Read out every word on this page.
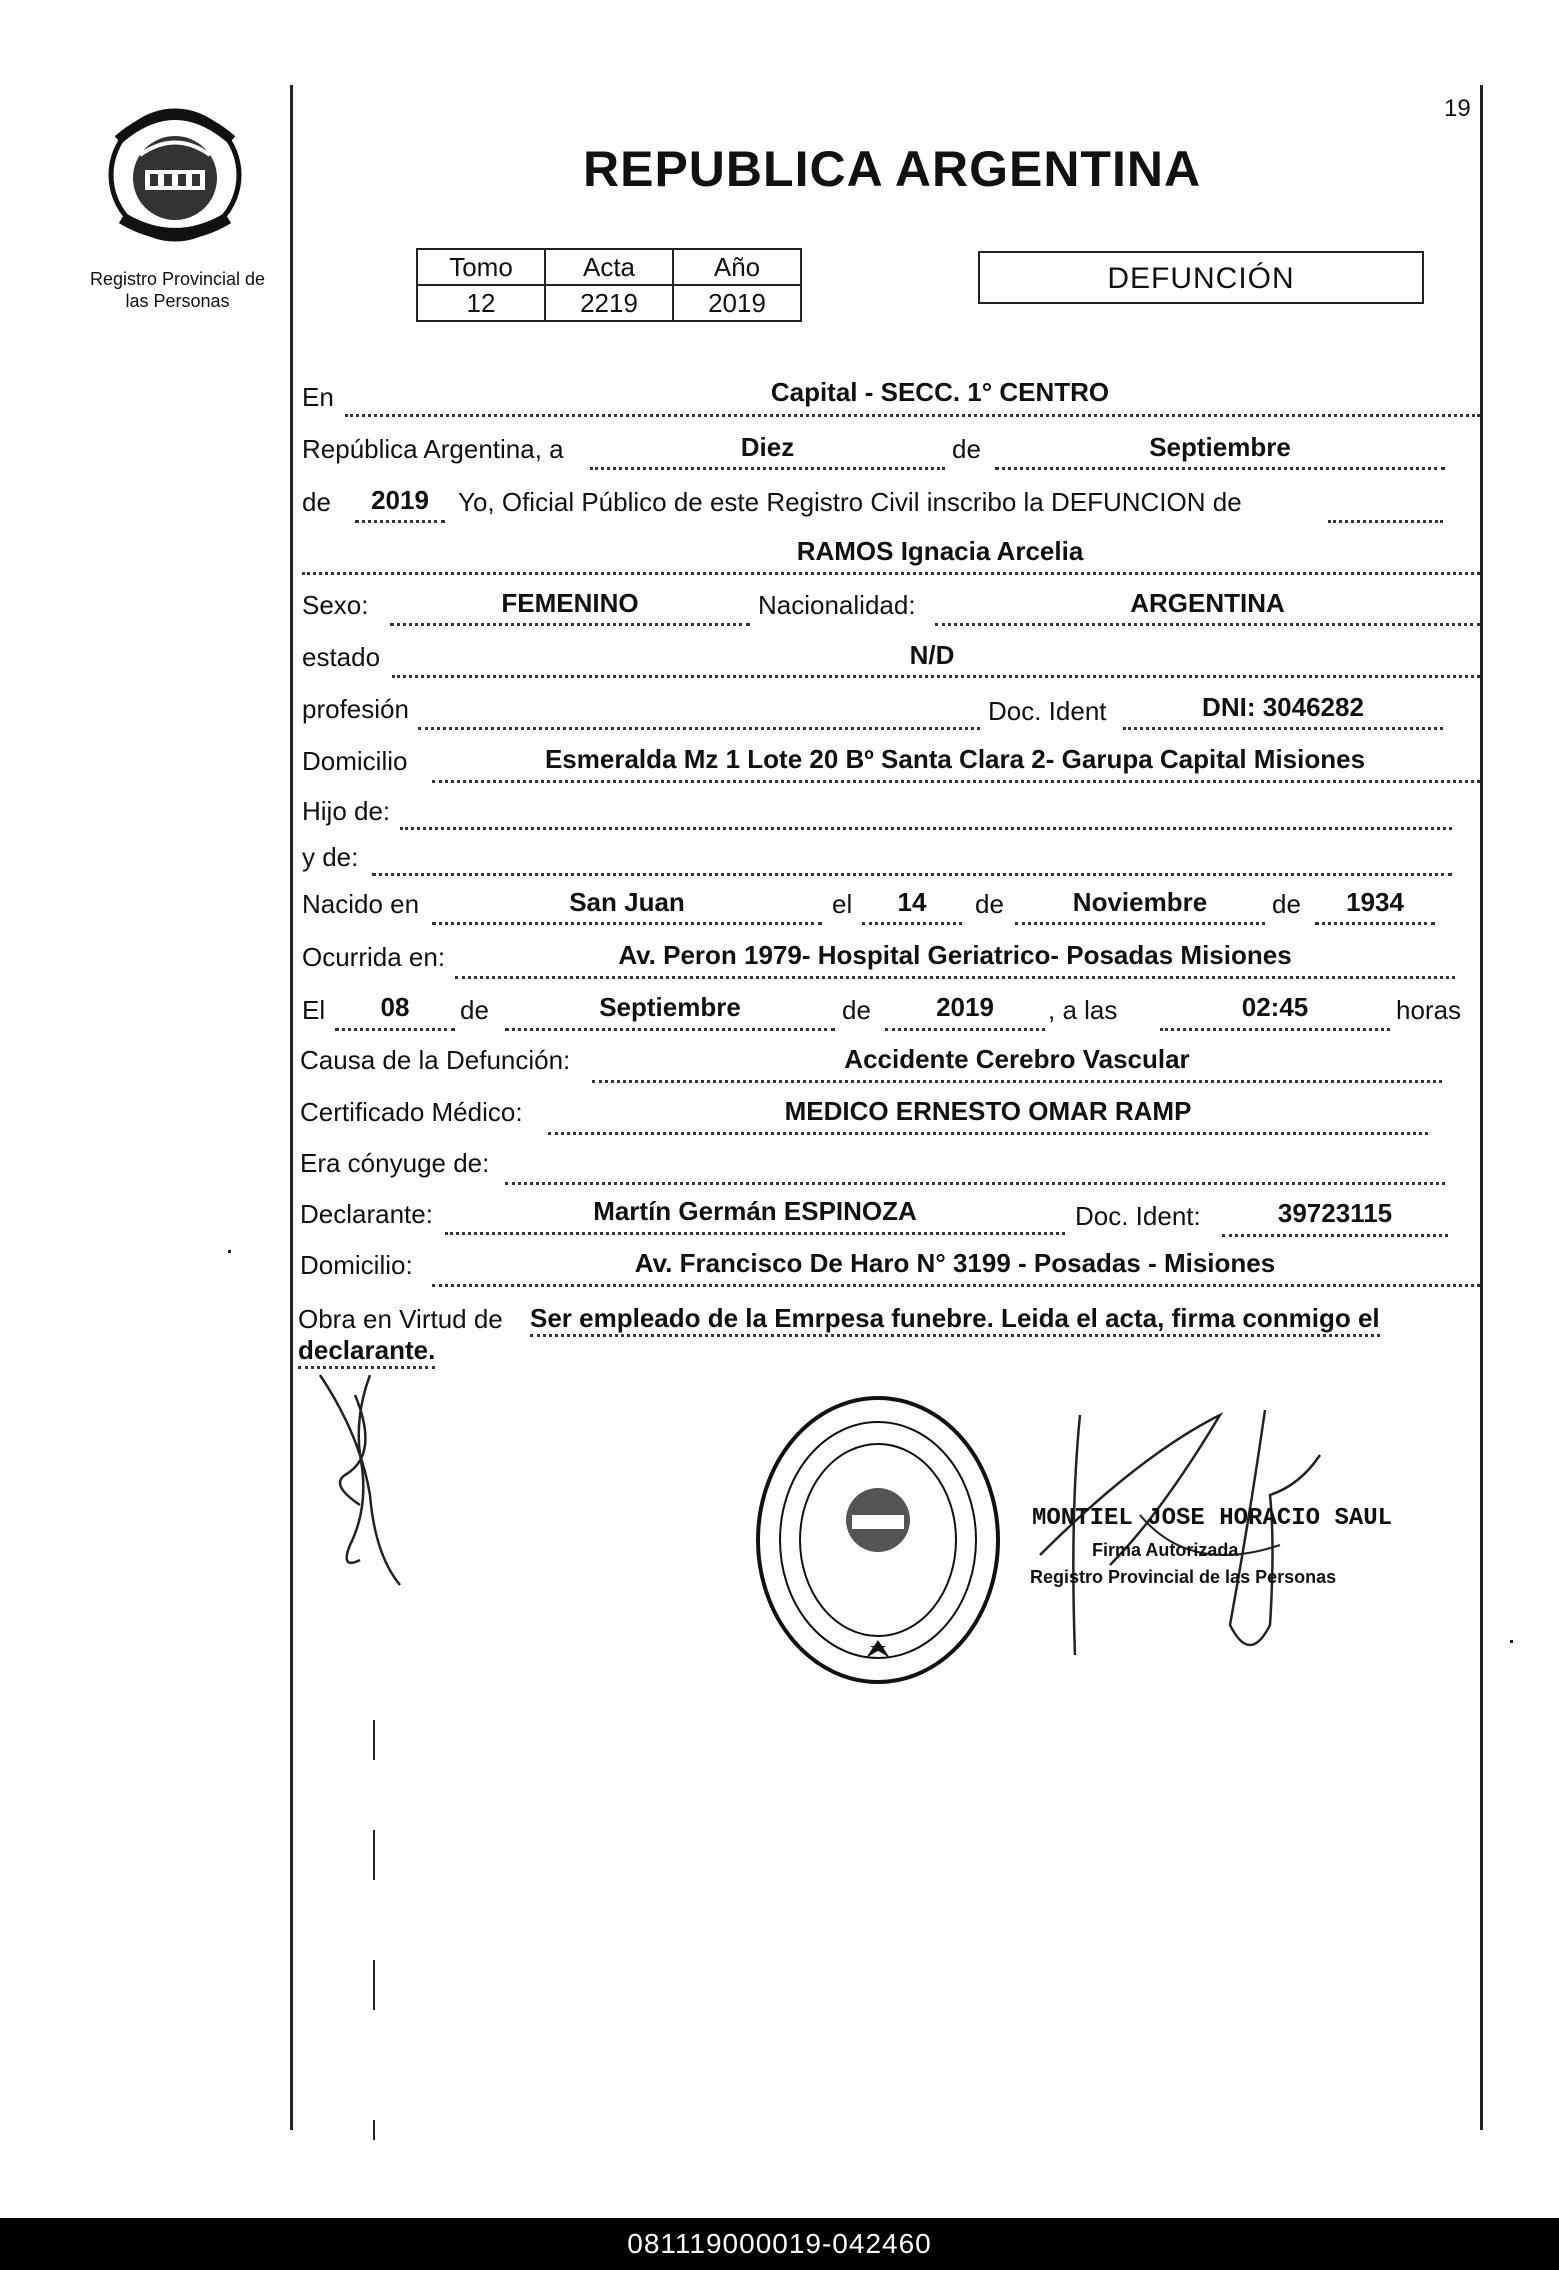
19
Registro Provincial de
las Personas
REPUBLICA ARGENTINA
Tomo	Acta	Año
12	2219	2019
DEFUNCIÓN
En	Capital - SECC. 1° CENTRO
República Argentina, a	Diez	de	Septiembre
de	2019	Yo, Oficial Público de este Registro Civil inscribo la DEFUNCION de
RAMOS Ignacia Arcelia
Sexo:	FEMENINO	Nacionalidad:	ARGENTINA
estado	N/D
profesión	Doc. Ident	DNI: 3046282
Domicilio	Esmeralda Mz 1 Lote 20 Bº Santa Clara 2- Garupa Capital Misiones
Hijo de:
y de:
Nacido en	San Juan	el	14	de	Noviembre	de	1934
Ocurrida en:	Av. Peron 1979- Hospital Geriatrico- Posadas Misiones
El	08	de	Septiembre	de	2019	, a las	02:45	horas
Causa de la Defunción:	Accidente Cerebro Vascular
Certificado Médico:	MEDICO ERNESTO OMAR RAMP
Era cónyuge de:
Declarante:	Martín Germán ESPINOZA	Doc. Ident:	39723115
Domicilio:	Av. Francisco De Haro N° 3199 - Posadas - Misiones
Obra en Virtud de Ser empleado de la Emrpesa funebre. Leida el acta, firma conmigo el
declarante.
MONTIEL JOSE HORACIO SAUL
Firma Autorizada
Registro Provincial de las Personas
081119000019-042460
